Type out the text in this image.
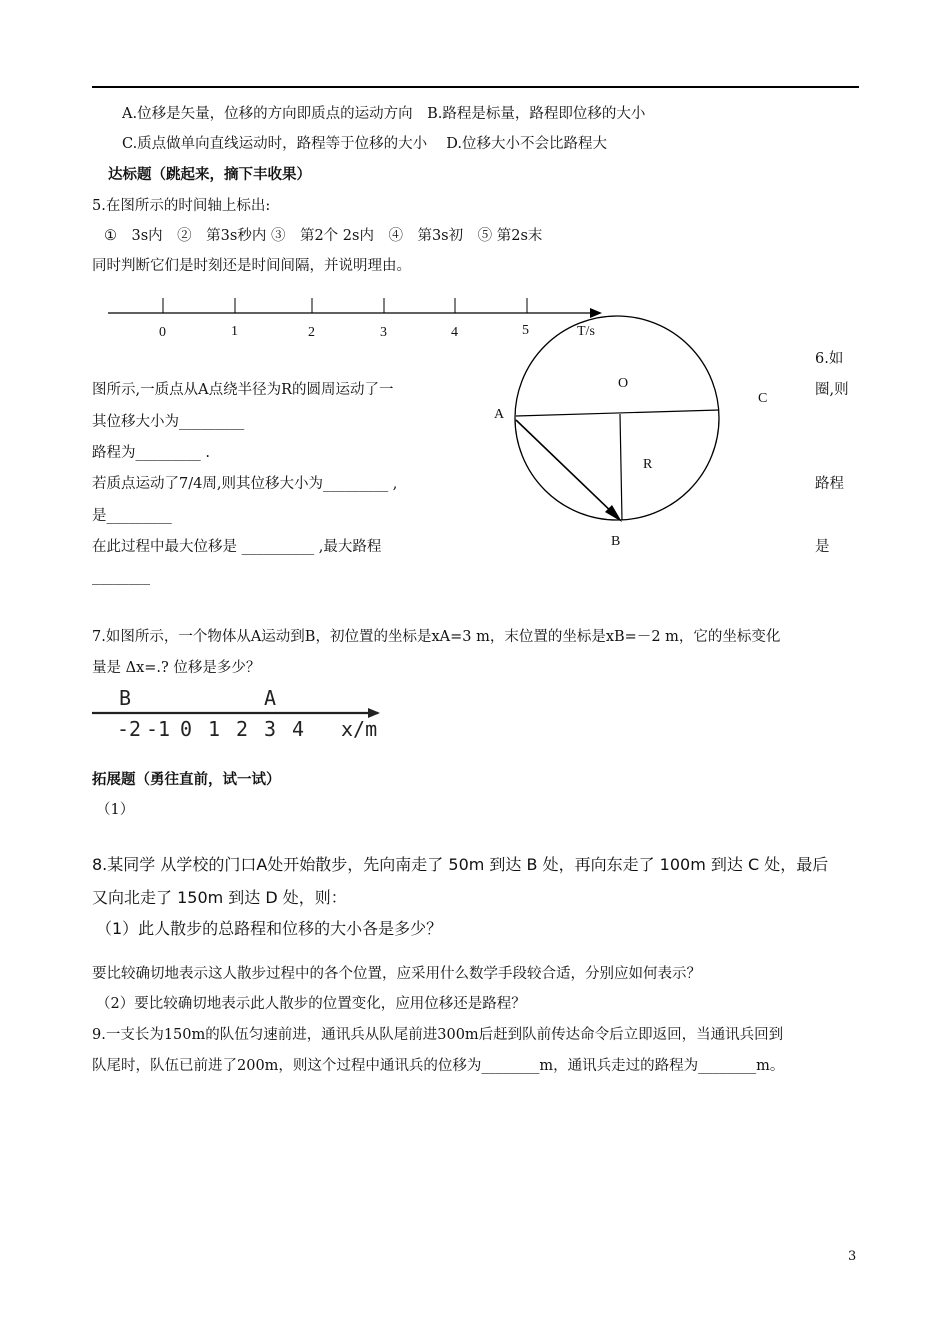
A.位移是矢量，位移的方向即质点的运动方向　B.路程是标量，路程即位移的大小
C.质点做单向直线运动时，路程等于位移的大小　 D.位移大小不会比路程大
达标题（跳起来，摘下丰收果）
5.在图所示的时间轴上标出:
①　3s内　②　第3s秒内 ③　第2个 2s内　④　第3s初　⑤ 第2s末
同时判断它们是时刻还是时间间隔，并说明理由。
0	1	2	3	4	5	T/s
O
A
C
R
B
6.如
图所示,一质点从A点绕半径为R的圆周运动了一	圈,则
其位移大小为_________
路程为_________ .
若质点运动了7/4周,则其位移大小为_________ ,	路程
是_________
在此过程中最大位移是 __________ ,最大路程	是
________
7.如图所示，一个物体从A运动到B，初位置的坐标是xA=3 m，末位置的坐标是xB=－2 m，它的坐标变化
量是 Δx=.? 位移是多少？
B	A
-2 -1 0 1 2 3 4 x/m
拓展题（勇往直前，试一试）
（1）
8.某同学 从学校的门口A处开始散步，先向南走了 50m 到达 B 处，再向东走了 100m 到达 C 处，最后
又向北走了 150m 到达 D 处，则：
（1）此人散步的总路程和位移的大小各是多少？
要比较确切地表示这人散步过程中的各个位置，应采用什么数学手段较合适，分别应如何表示？
（2）要比较确切地表示此人散步的位置变化，应用位移还是路程？
9.一支长为150m的队伍匀速前进，通讯兵从队尾前进300m后赶到队前传达命令后立即返回，当通讯兵回到
队尾时，队伍已前进了200m，则这个过程中通讯兵的位移为________m，通讯兵走过的路程为________m。
3
